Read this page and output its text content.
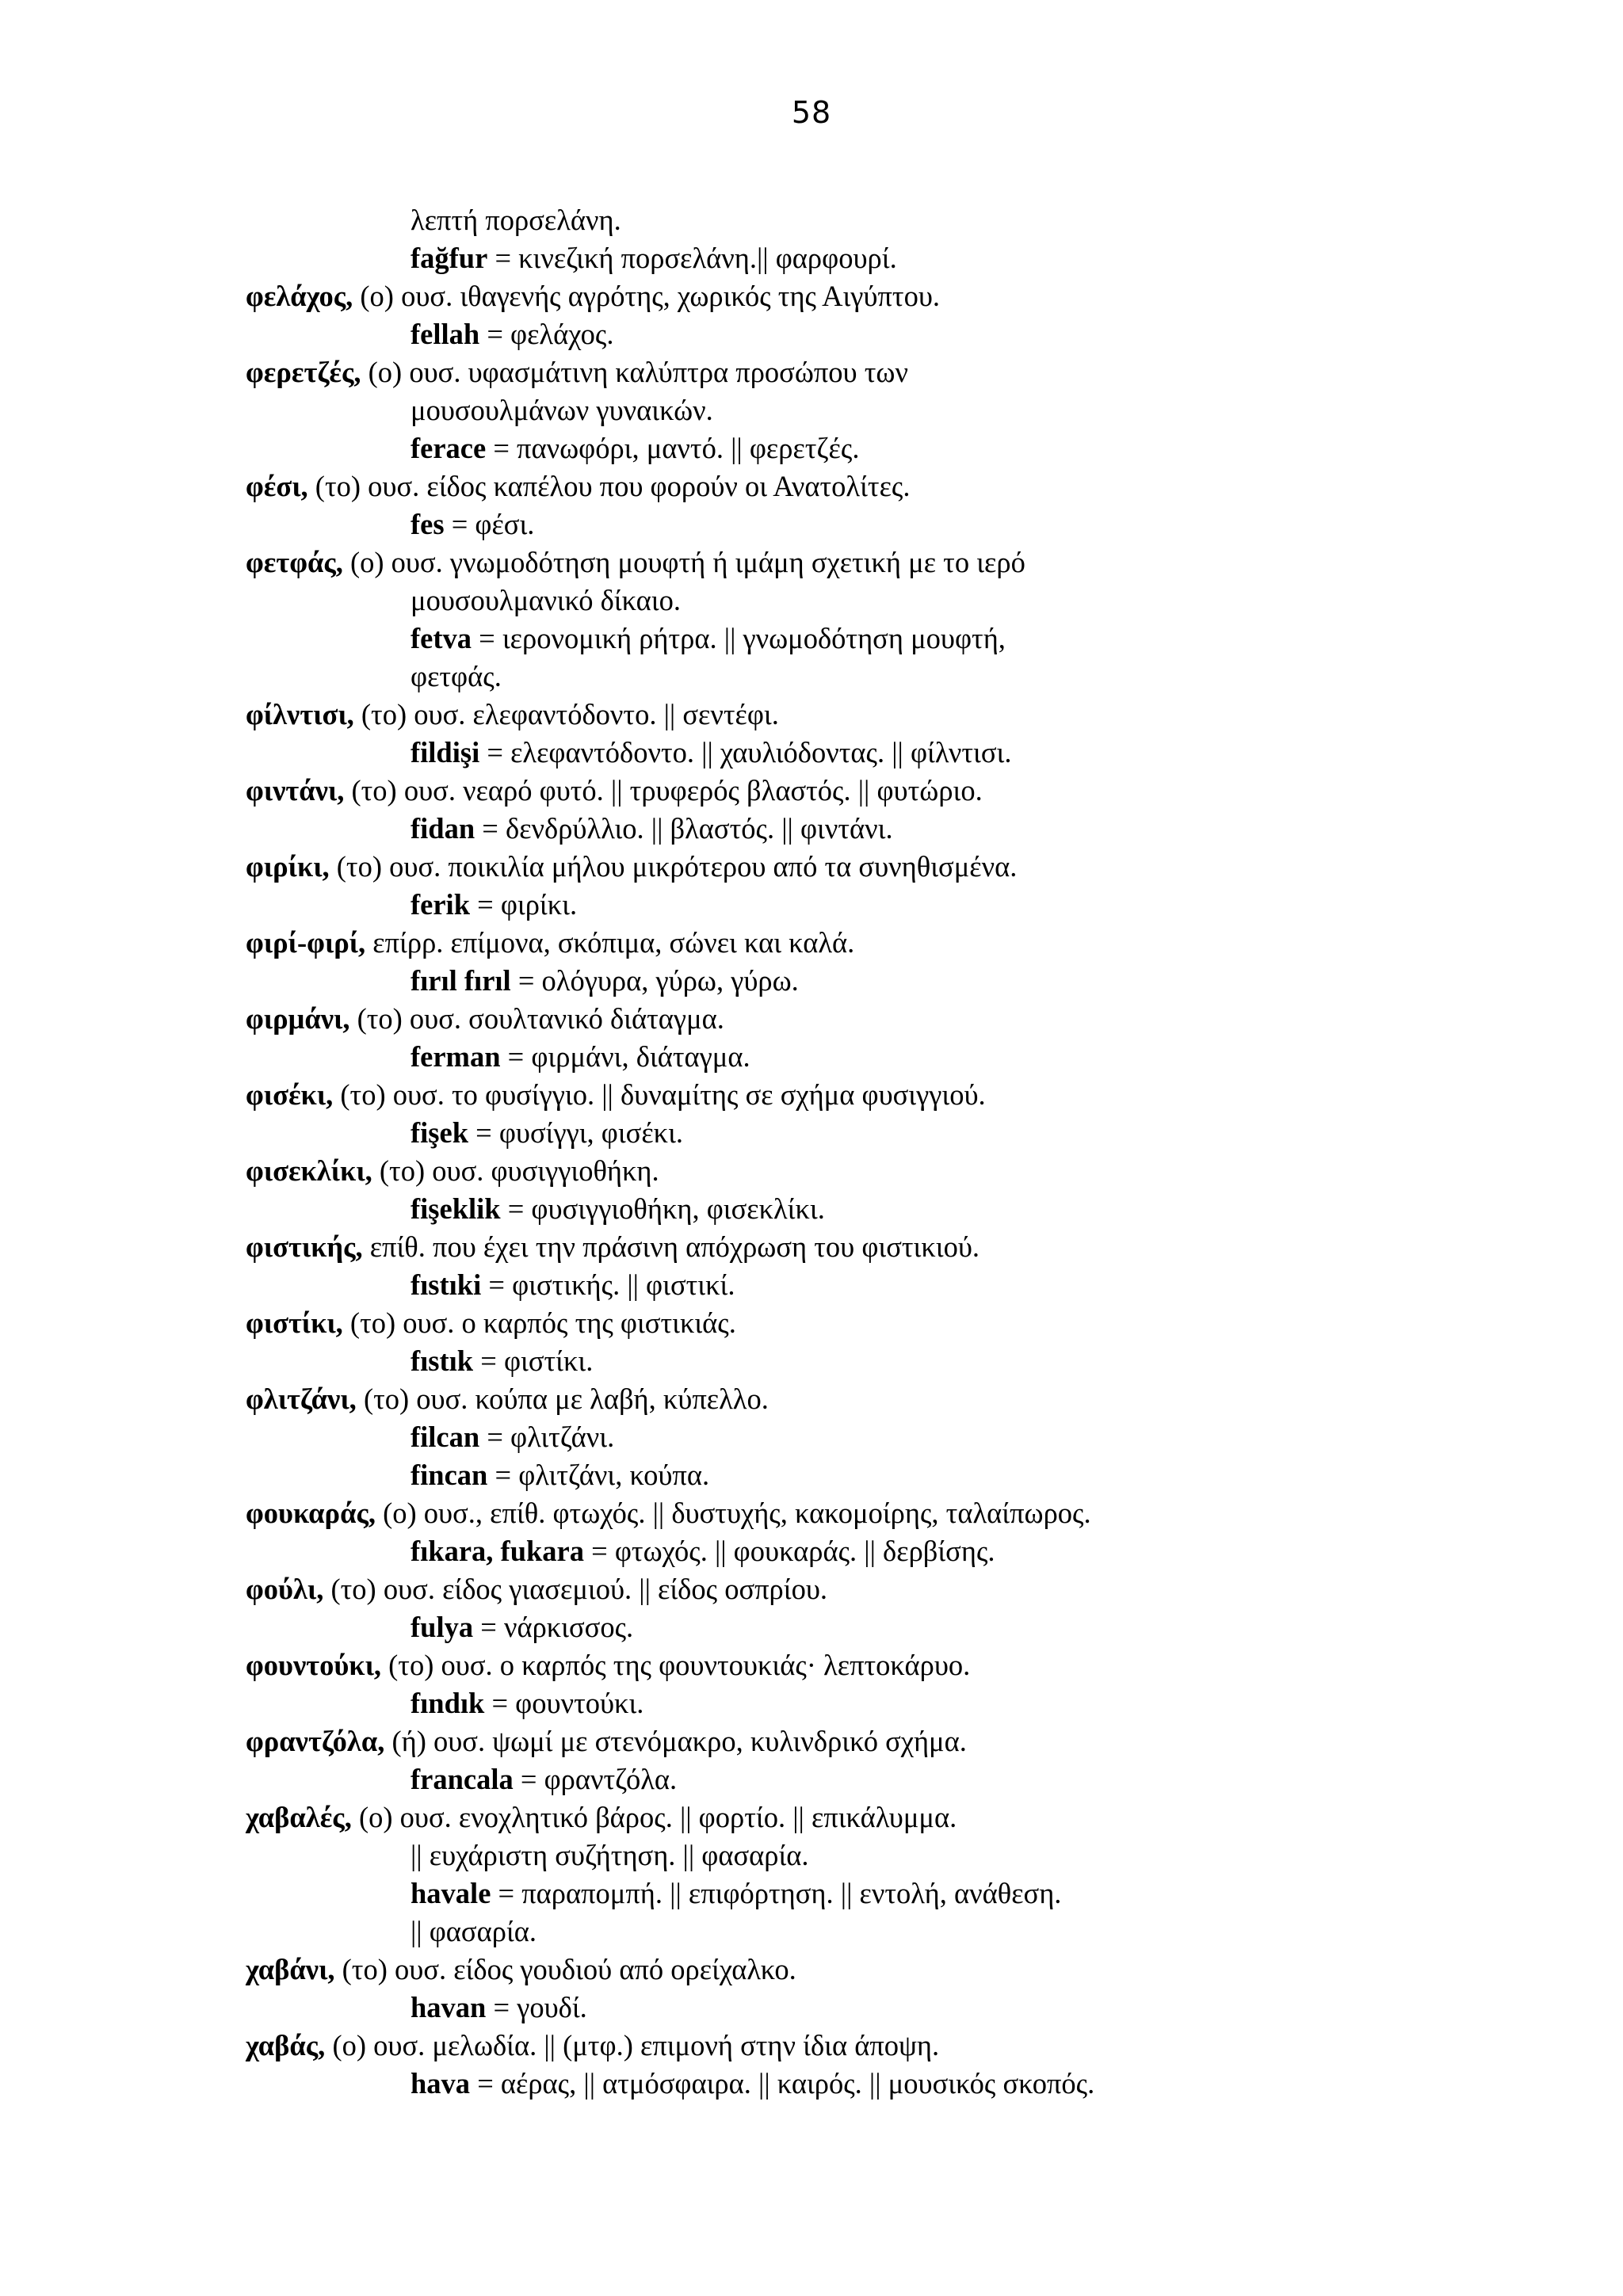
58
λεπτή πορσελάνη.
fağfur = κινεζική πορσελάνη.|| φαρφουρί.
φελάχος, (ο) ουσ. ιθαγενής αγρότης, χωρικός της Αιγύπτου.
fellah = φελάχος.
φερετζές, (ο) ουσ. υφασμάτινη καλύπτρα προσώπου των
μουσουλμάνων γυναικών.
ferace = πανωφόρι, μαντό. || φερετζές.
φέσι, (το) ουσ. είδος καπέλου που φορούν οι Ανατολίτες.
fes = φέσι.
φετφάς, (ο) ουσ. γνωμοδότηση μουφτή ή ιμάμη σχετική με το ιερό
μουσουλμανικό δίκαιο.
fetva = ιερονομική ρήτρα. || γνωμοδότηση μουφτή,
φετφάς.
φίλντισι, (το) ουσ. ελεφαντόδοντο. || σεντέφι.
fildişi = ελεφαντόδοντο. || χαυλιόδοντας. || φίλντισι.
φιντάνι, (το) ουσ. νεαρό φυτό. || τρυφερός βλαστός. || φυτώριο.
fidan = δενδρύλλιο. || βλαστός. || φιντάνι.
φιρίκι, (το) ουσ. ποικιλία μήλου μικρότερου από τα συνηθισμένα.
ferik = φιρίκι.
φιρί-φιρί, επίρρ. επίμονα, σκόπιμα, σώνει και καλά.
fırıl fırıl = ολόγυρα, γύρω, γύρω.
φιρμάνι, (το) ουσ. σουλτανικό διάταγμα.
ferman = φιρμάνι, διάταγμα.
φισέκι, (το) ουσ. το φυσίγγιο. || δυναμίτης σε σχήμα φυσιγγιού.
fişek = φυσίγγι, φισέκι.
φισεκλίκι, (το) ουσ. φυσιγγιοθήκη.
fişeklik = φυσιγγιοθήκη, φισεκλίκι.
φιστικής, επίθ. που έχει την πράσινη απόχρωση του φιστικιού.
fıstıki = φιστικής. || φιστικί.
φιστίκι, (το) ουσ. ο καρπός της φιστικιάς.
fıstık = φιστίκι.
φλιτζάνι, (το) ουσ. κούπα με λαβή, κύπελλο.
filcan = φλιτζάνι.
fincan = φλιτζάνι, κούπα.
φουκαράς, (ο) ουσ., επίθ. φτωχός. || δυστυχής, κακομοίρης, ταλαίπωρος.
fıkara, fukara = φτωχός. || φουκαράς. || δερβίσης.
φούλι, (το) ουσ. είδος γιασεμιού. || είδος οσπρίου.
fulya = νάρκισσος.
φουντούκι, (το) ουσ. ο καρπός της φουντουκιάς· λεπτοκάρυο.
fındık = φουντούκι.
φραντζόλα, (ή) ουσ. ψωμί με στενόμακρο, κυλινδρικό σχήμα.
francala = φραντζόλα.
χαβαλές, (ο) ουσ. ενοχλητικό βάρος. || φορτίο. || επικάλυμμα.
|| ευχάριστη συζήτηση. || φασαρία.
havale = παραπομπή. || επιφόρτηση. || εντολή, ανάθεση.
|| φασαρία.
χαβάνι, (το) ουσ. είδος γουδιού από ορείχαλκο.
havan = γουδί.
χαβάς, (ο) ουσ. μελωδία. || (μτφ.) επιμονή στην ίδια άποψη.
hava = αέρας, || ατμόσφαιρα. || καιρός. || μουσικός σκοπός.
